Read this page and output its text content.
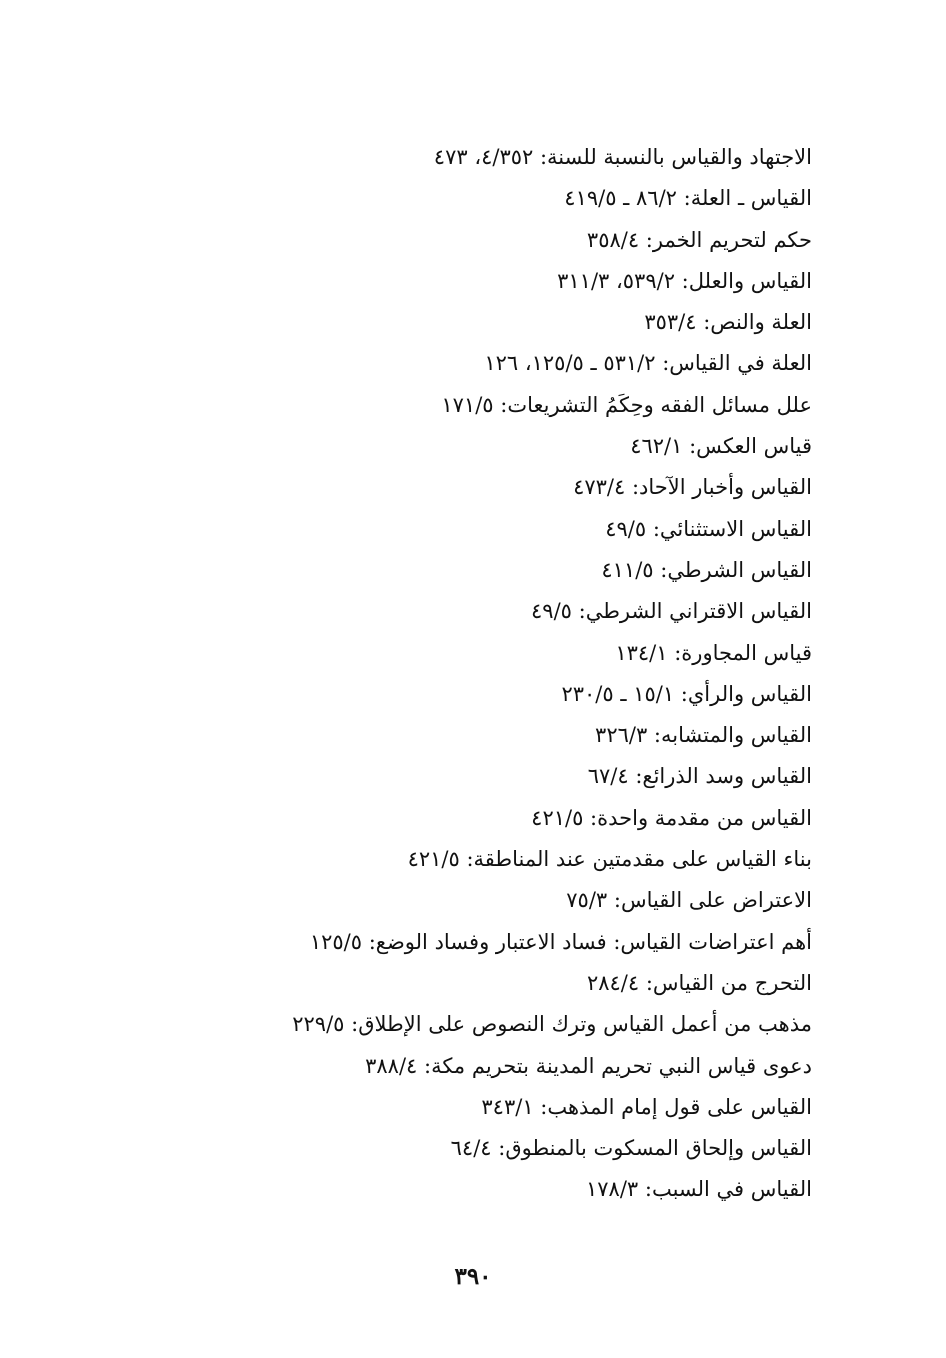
الاجتهاد والقياس بالنسبة للسنة: ٤/٣٥٢، ٤٧٣
القياس ـ العلة: ٨٦/٢ ـ ٤١٩/٥
حكم لتحريم الخمر: ٣٥٨/٤
القياس والعلل: ٥٣٩/٢، ٣١١/٣
العلة والنص: ٣٥٣/٤
العلة في القياس: ٥٣١/٢ ـ ١٢٥/٥، ١٢٦
علل مسائل الفقه وحِكَمُ التشريعات: ١٧١/٥
قياس العكس: ٤٦٢/١
القياس وأخبار الآحاد: ٤٧٣/٤
القياس الاستثنائي: ٤٩/٥
القياس الشرطي: ٤١١/٥
القياس الاقتراني الشرطي: ٤٩/٥
قياس المجاورة: ١٣٤/١
القياس والرأي: ١٥/١ ـ ٢٣٠/٥
القياس والمتشابه: ٣٢٦/٣
القياس وسد الذرائع: ٦٧/٤
القياس من مقدمة واحدة: ٤٢١/٥
بناء القياس على مقدمتين عند المناطقة: ٤٢١/٥
الاعتراض على القياس: ٧٥/٣
أهم اعتراضات القياس: فساد الاعتبار وفساد الوضع: ١٢٥/٥
التحرج من القياس: ٢٨٤/٤
مذهب من أعمل القياس وترك النصوص على الإطلاق: ٢٢٩/٥
دعوى قياس النبي تحريم المدينة بتحريم مكة: ٣٨٨/٤
القياس على قول إمام المذهب: ٣٤٣/١
القياس وإلحاق المسكوت بالمنطوق: ٦٤/٤
القياس في السبب: ١٧٨/٣
٣٩٠
